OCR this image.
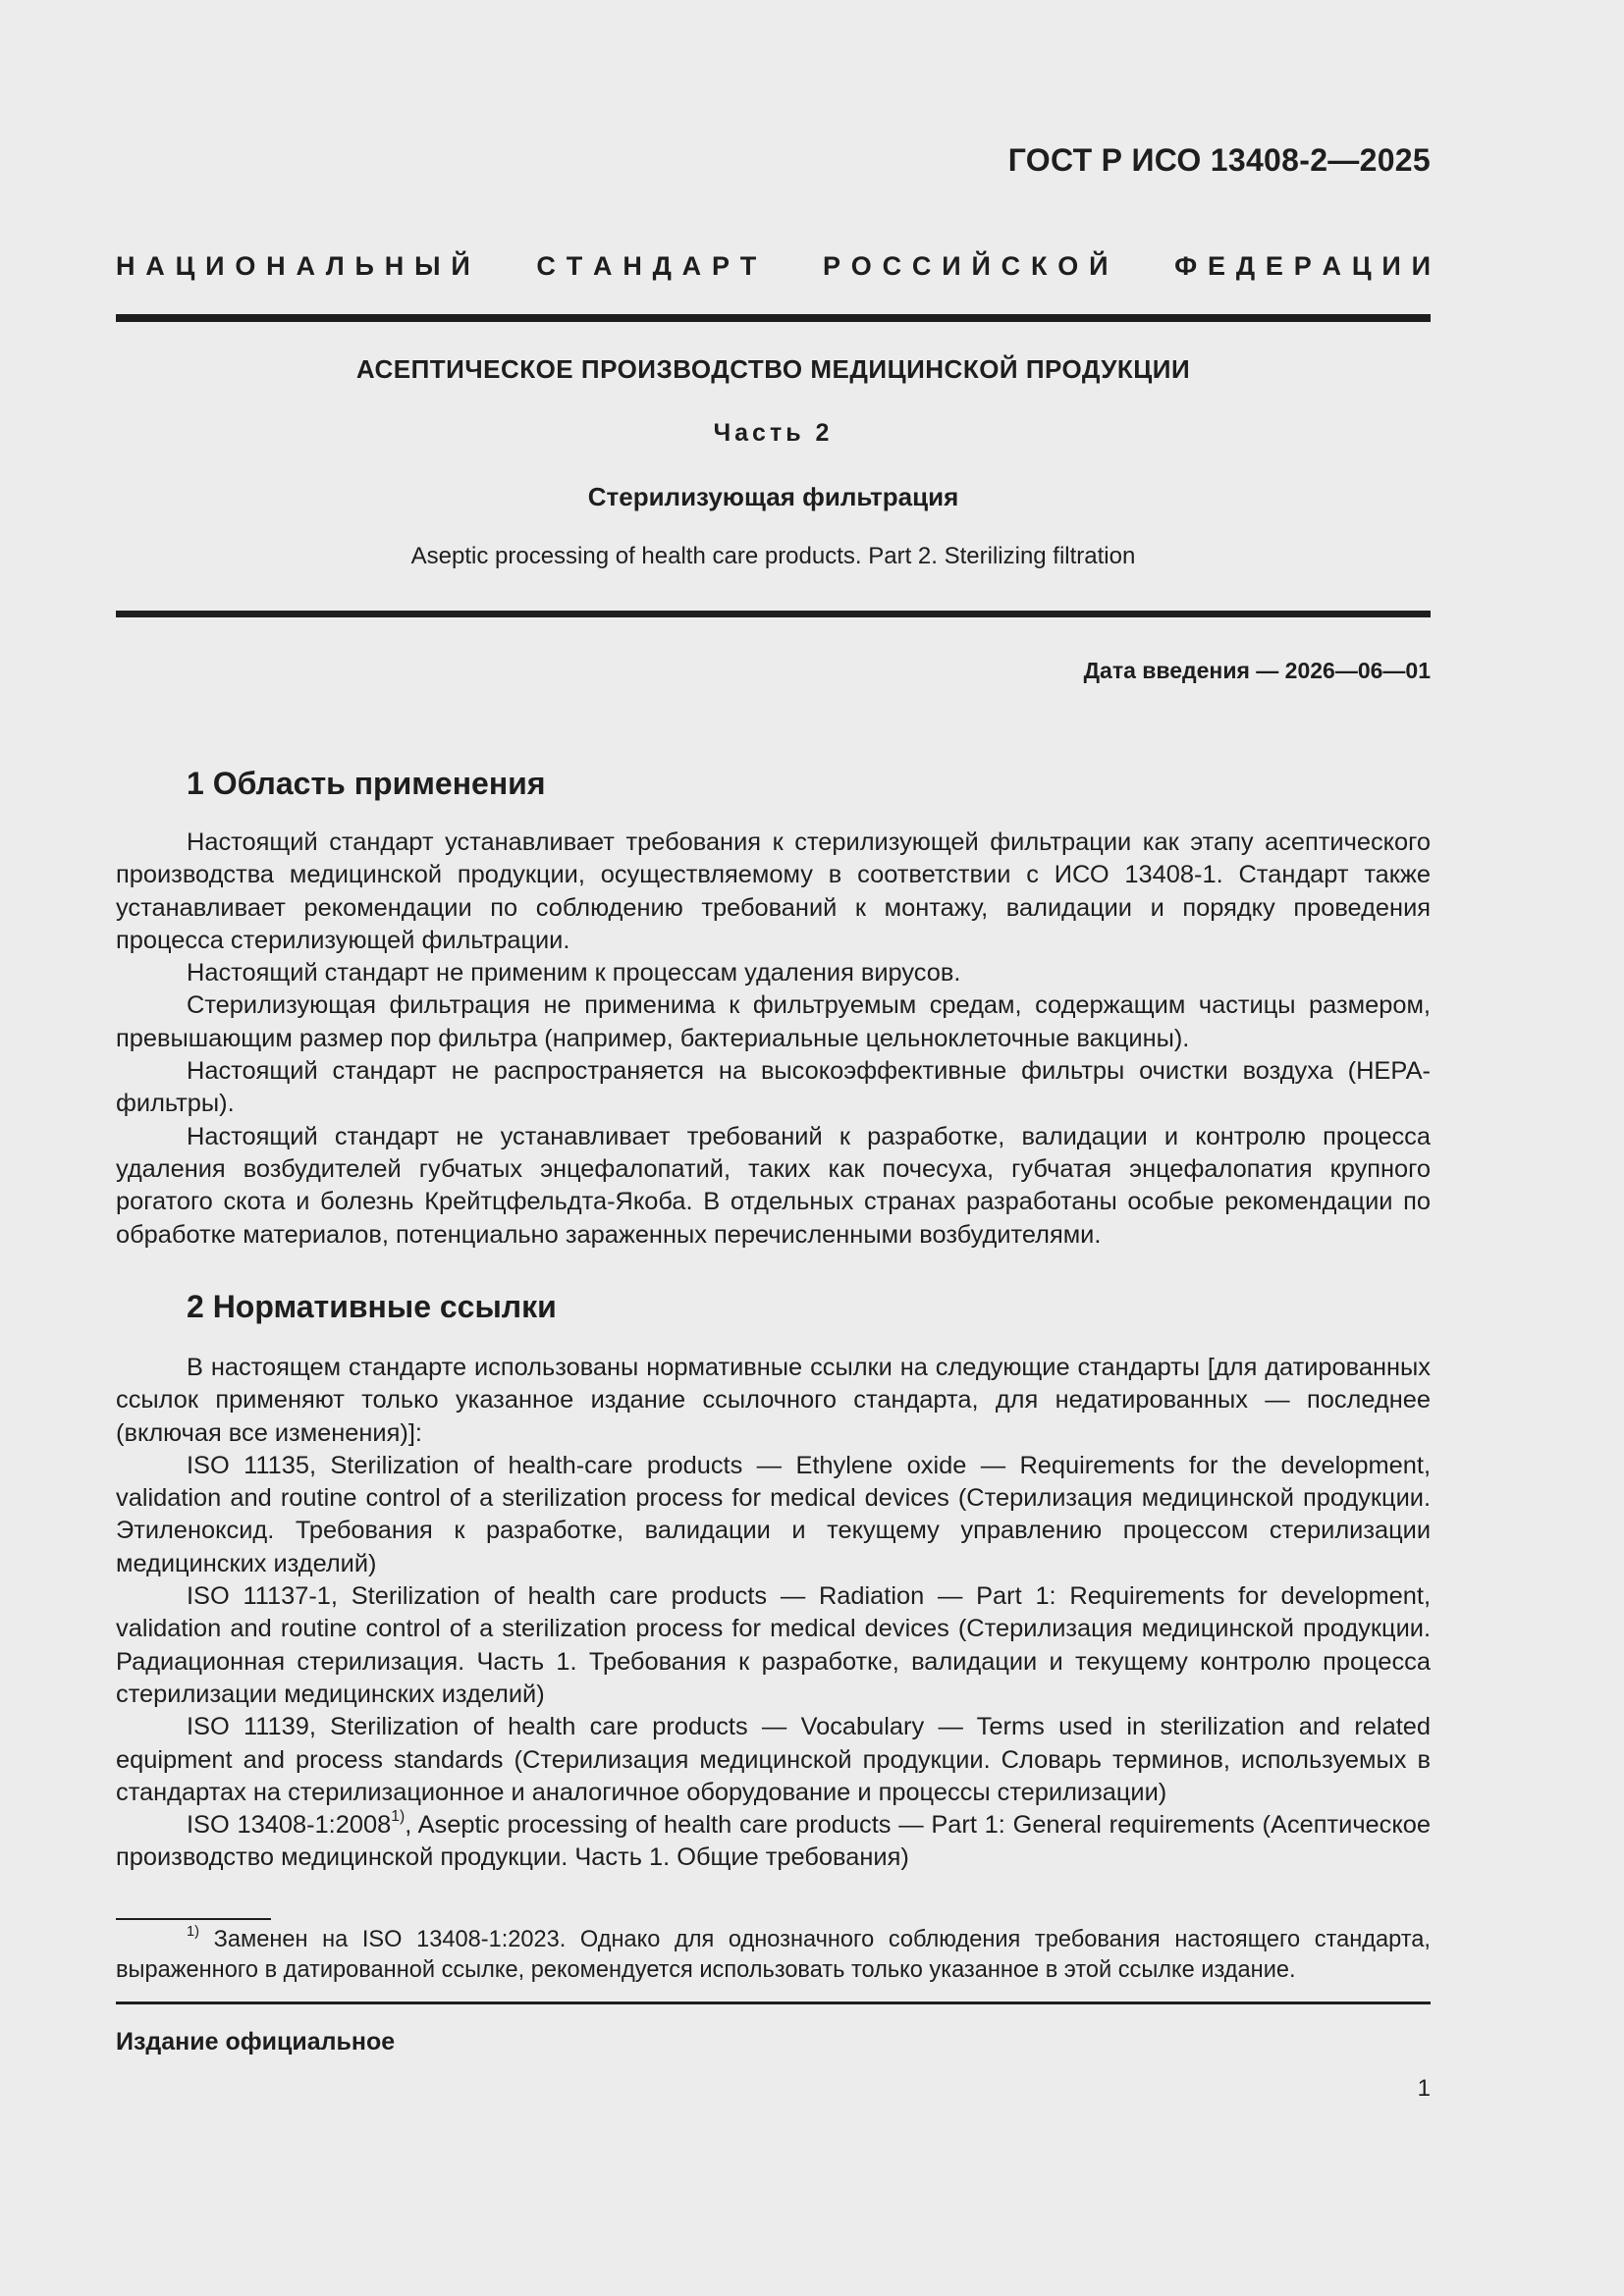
ГОСТ Р ИСО 13408-2—2025
Н  А  Ц  И  О  Н  А  Л  Ь  Н  Ы  Й	С  Т  А  Н  Д  А  Р  Т	Р  О  С  С  И  Й  С  К  О  Й	Ф  Е  Д  Е  Р  А  Ц  И  И
АСЕПТИЧЕСКОЕ ПРОИЗВОДСТВО МЕДИЦИНСКОЙ ПРОДУКЦИИ
Часть 2
Стерилизующая фильтрация
Aseptic processing of health care products. Part 2. Sterilizing filtration
Дата введения — 2026—06—01
1 Область применения

Настоящий стандарт устанавливает требования к стерилизующей фильтрации как этапу асептического производства медицинской продукции, осуществляемому в соответствии с ИСО 13408-1. Стандарт также устанавливает рекомендации по соблюдению требований к монтажу, валидации и порядку проведения процесса стерилизующей фильтрации.

Настоящий стандарт не применим к процессам удаления вирусов.

Стерилизующая фильтрация не применима к фильтруемым средам, содержащим частицы размером, превышающим размер пор фильтра (например, бактериальные цельноклеточные вакцины).

Настоящий стандарт не распространяется на высокоэффективные фильтры очистки воздуха (НЕРА-фильтры).

Настоящий стандарт не устанавливает требований к разработке, валидации и контролю процесса удаления возбудителей губчатых энцефалопатий, таких как почесуха, губчатая энцефалопатия крупного рогатого скота и болезнь Крейтцфельдта-Якоба. В отдельных странах разработаны особые рекомендации по обработке материалов, потенциально зараженных перечисленными возбудителями.

2 Нормативные ссылки

В настоящем стандарте использованы нормативные ссылки на следующие стандарты [для датированных ссылок применяют только указанное издание ссылочного стандарта, для недатированных — последнее (включая все изменения)]:

ISO 11135, Sterilization of health-care products — Ethylene oxide — Requirements for the development, validation and routine control of a sterilization process for medical devices (Стерилизация медицинской продукции. Этиленоксид. Требования к разработке, валидации и текущему управлению процессом стерилизации медицинских изделий)

ISO 11137-1, Sterilization of health care products — Radiation — Part 1: Requirements for development, validation and routine control of a sterilization process for medical devices (Стерилизация медицинской продукции. Радиационная стерилизация. Часть 1. Требования к разработке, валидации и текущему контролю процесса стерилизации медицинских изделий)

ISO 11139, Sterilization of health care products — Vocabulary — Terms used in sterilization and related equipment and process standards (Стерилизация медицинской продукции. Словарь терминов, используемых в стандартах на стерилизационное и аналогичное оборудование и процессы стерилизации)

ISO 13408-1:2008$^{1)}$, Aseptic processing of health care products — Part 1: General requirements (Асептическое производство медицинской продукции. Часть 1. Общие требования)

$^{1)}$ Заменен на ISO 13408-1:2023. Однако для однозначного соблюдения требования настоящего стандарта, выраженного в датированной ссылке, рекомендуется использовать только указанное в этой ссылке издание.

Издание официальное
1
